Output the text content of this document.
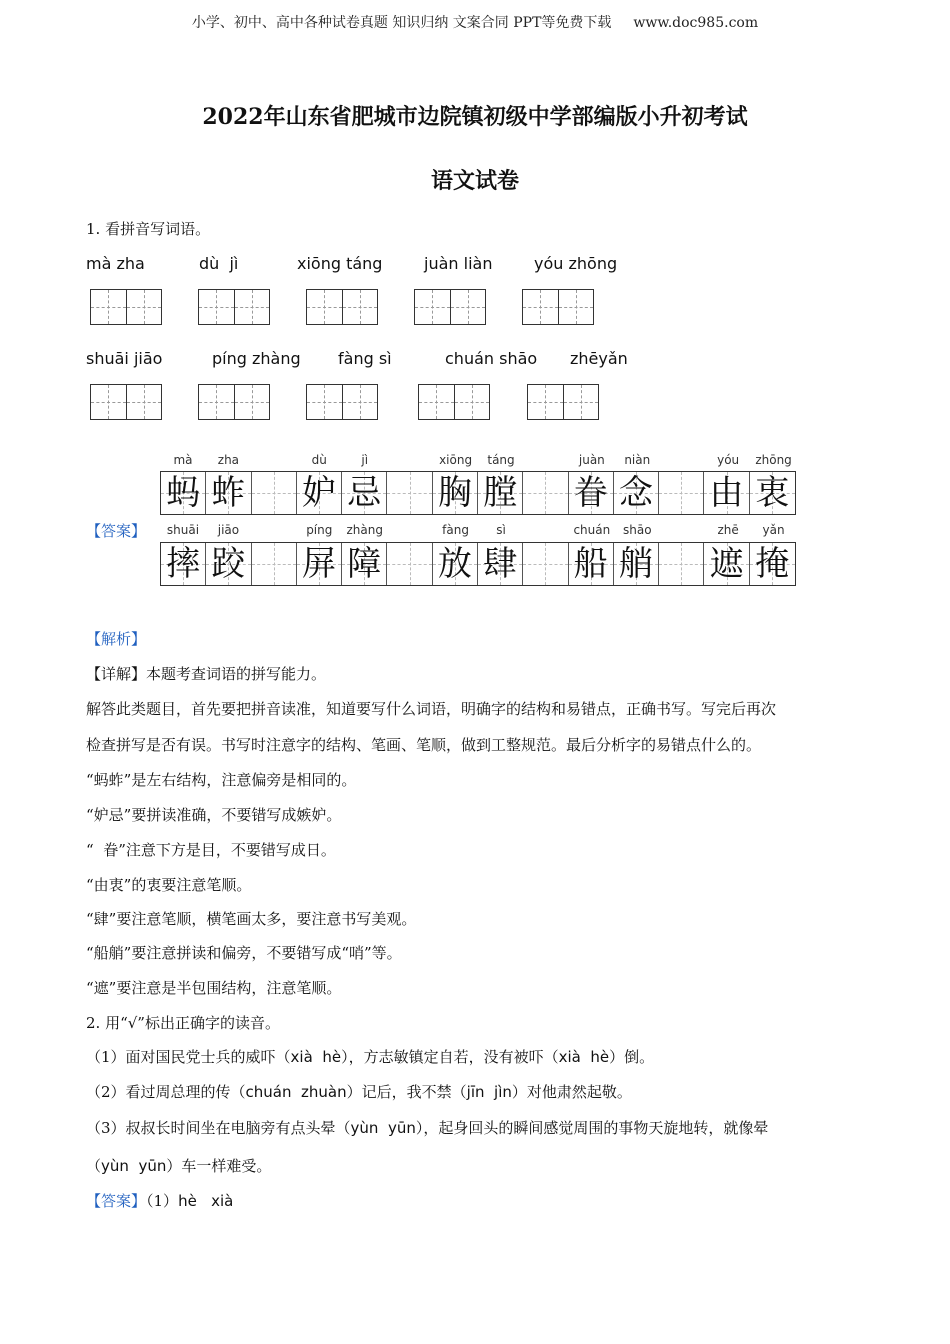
小学、初中、高中各种试卷真题 知识归纳 文案合同 PPT等免费下载 www.doc985.com
2022年山东省肥城市边院镇初级中学部编版小升初考试
语文试卷
1. 看拼音写词语。
mà zha	dù  jì	xiōng táng	juàn liàn	yóu zhōng
shuāi jiāo	píng zhàng fàng sì	chuán shāo zhēyǎn
【答案】
mà	zha	dù	jì	xiōng	táng	juàn	niàn	yóu	zhōng
蚂 蚱 妒 忌 胸 膛 眷 念 由 衷
shuāi	jiāo	píng	zhàng	fàng	sì	chuán	shāo	zhē	yǎn
摔 跤 屏 障 放 肆 船 艄 遮 掩
【解析】
【详解】本题考查词语的拼写能力。
解答此类题目，首先要把拼音读准，知道要写什么词语，明确字的结构和易错点，正确书写。写完后再次
检查拼写是否有误。书写时注意字的结构、笔画、笔顺，做到工整规范。最后分析字的易错点什么的。
“蚂蚱”是左右结构，注意偏旁是相同的。
“妒忌”要拼读准确，不要错写成嫉妒。
“  眷”注意下方是目，不要错写成日。
“由衷”的衷要注意笔顺。
“肆”要注意笔顺，横笔画太多，要注意书写美观。
“船艄”要注意拼读和偏旁，不要错写成“哨”等。
“遮”要注意是半包围结构，注意笔顺。
2. 用“√”标出正确字的读音。
（1）面对国民党士兵的威吓（xià  hè），方志敏镇定自若，没有被吓（xià  hè）倒。
（2）看过周总理的传（chuán  zhuàn）记后，我不禁（jīn  jìn）对他肃然起敬。
（3）叔叔长时间坐在电脑旁有点头晕（yùn  yūn），起身回头的瞬间感觉周围的事物天旋地转，就像晕
（yùn  yūn）车一样难受。
【答案】（1）hè   xià
